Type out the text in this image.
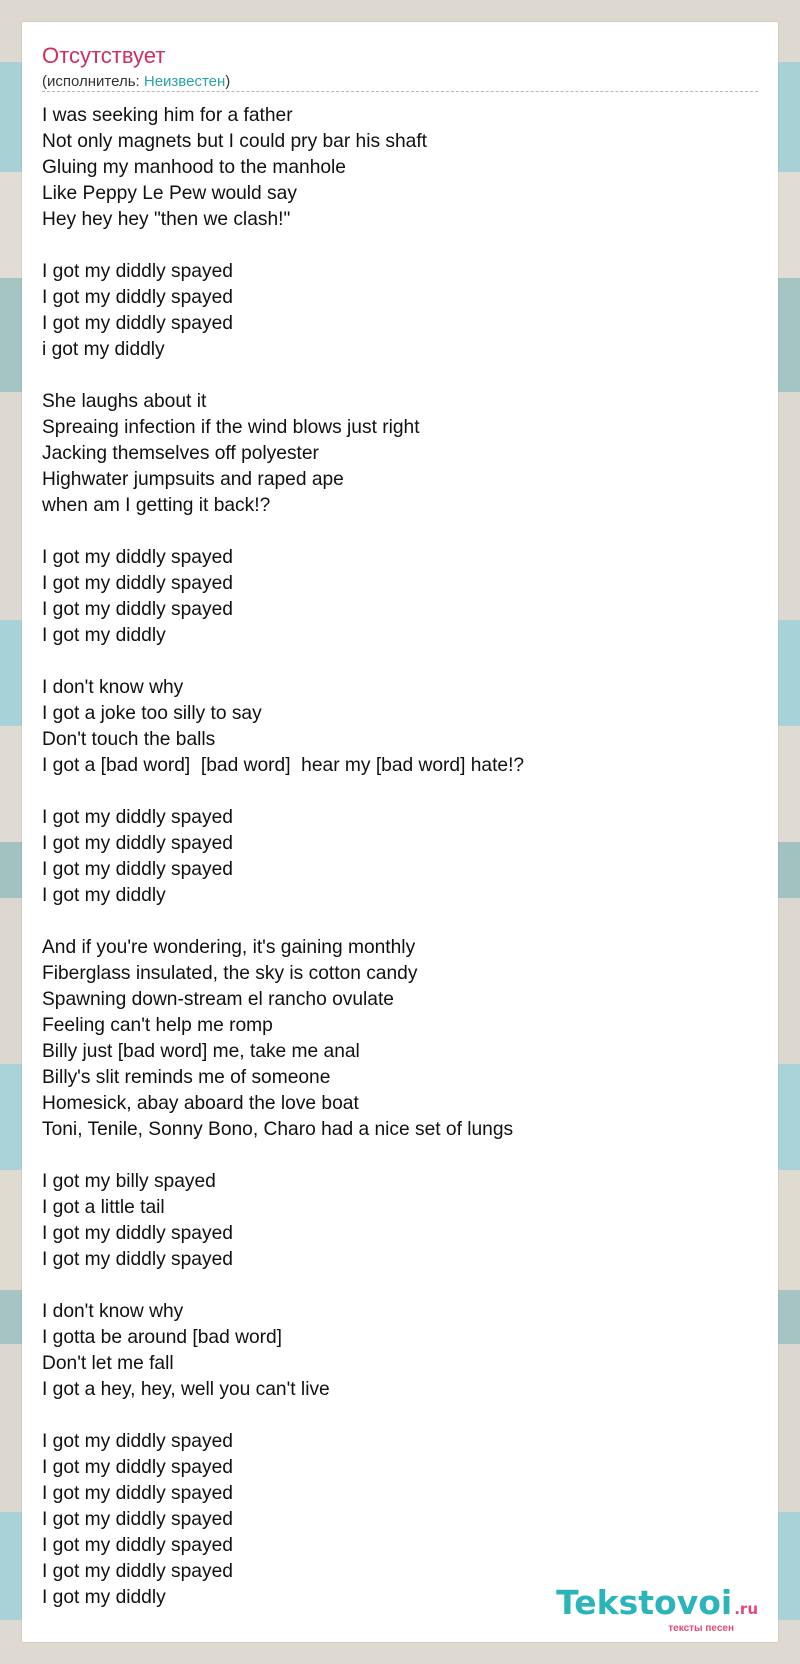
Отсутствует
(исполнитель: Неизвестен)
I was seeking him for a father
Not only magnets but I could pry bar his shaft
Gluing my manhood to the manhole
Like Peppy Le Pew would say
Hey hey hey "then we clash!"
I got my diddly spayed
I got my diddly spayed
I got my diddly spayed
i got my diddly
She laughs about it
Spreaing infection if the wind blows just right
Jacking themselves off polyester
Highwater jumpsuits and raped ape
when am I getting it back!?
I got my diddly spayed
I got my diddly spayed
I got my diddly spayed
I got my diddly
I don't know why
I got a joke too silly to say
Don't touch the balls
I got a [bad word]  [bad word]  hear my [bad word] hate!?
I got my diddly spayed
I got my diddly spayed
I got my diddly spayed
I got my diddly
And if you're wondering, it's gaining monthly
Fiberglass insulated, the sky is cotton candy
Spawning down-stream el rancho ovulate
Feeling can't help me romp
Billy just [bad word] me, take me anal
Billy's slit reminds me of someone
Homesick, abay aboard the love boat
Toni, Tenile, Sonny Bono, Charo had a nice set of lungs
I got my billy spayed
I got a little tail
I got my diddly spayed
I got my diddly spayed
I don't know why
I gotta be around [bad word]
Don't let me fall
I got a hey, hey, well you can't live
I got my diddly spayed
I got my diddly spayed
I got my diddly spayed
I got my diddly spayed
I got my diddly spayed
I got my diddly spayed
I got my diddly	Tekstovoi .ru
тексты песен
